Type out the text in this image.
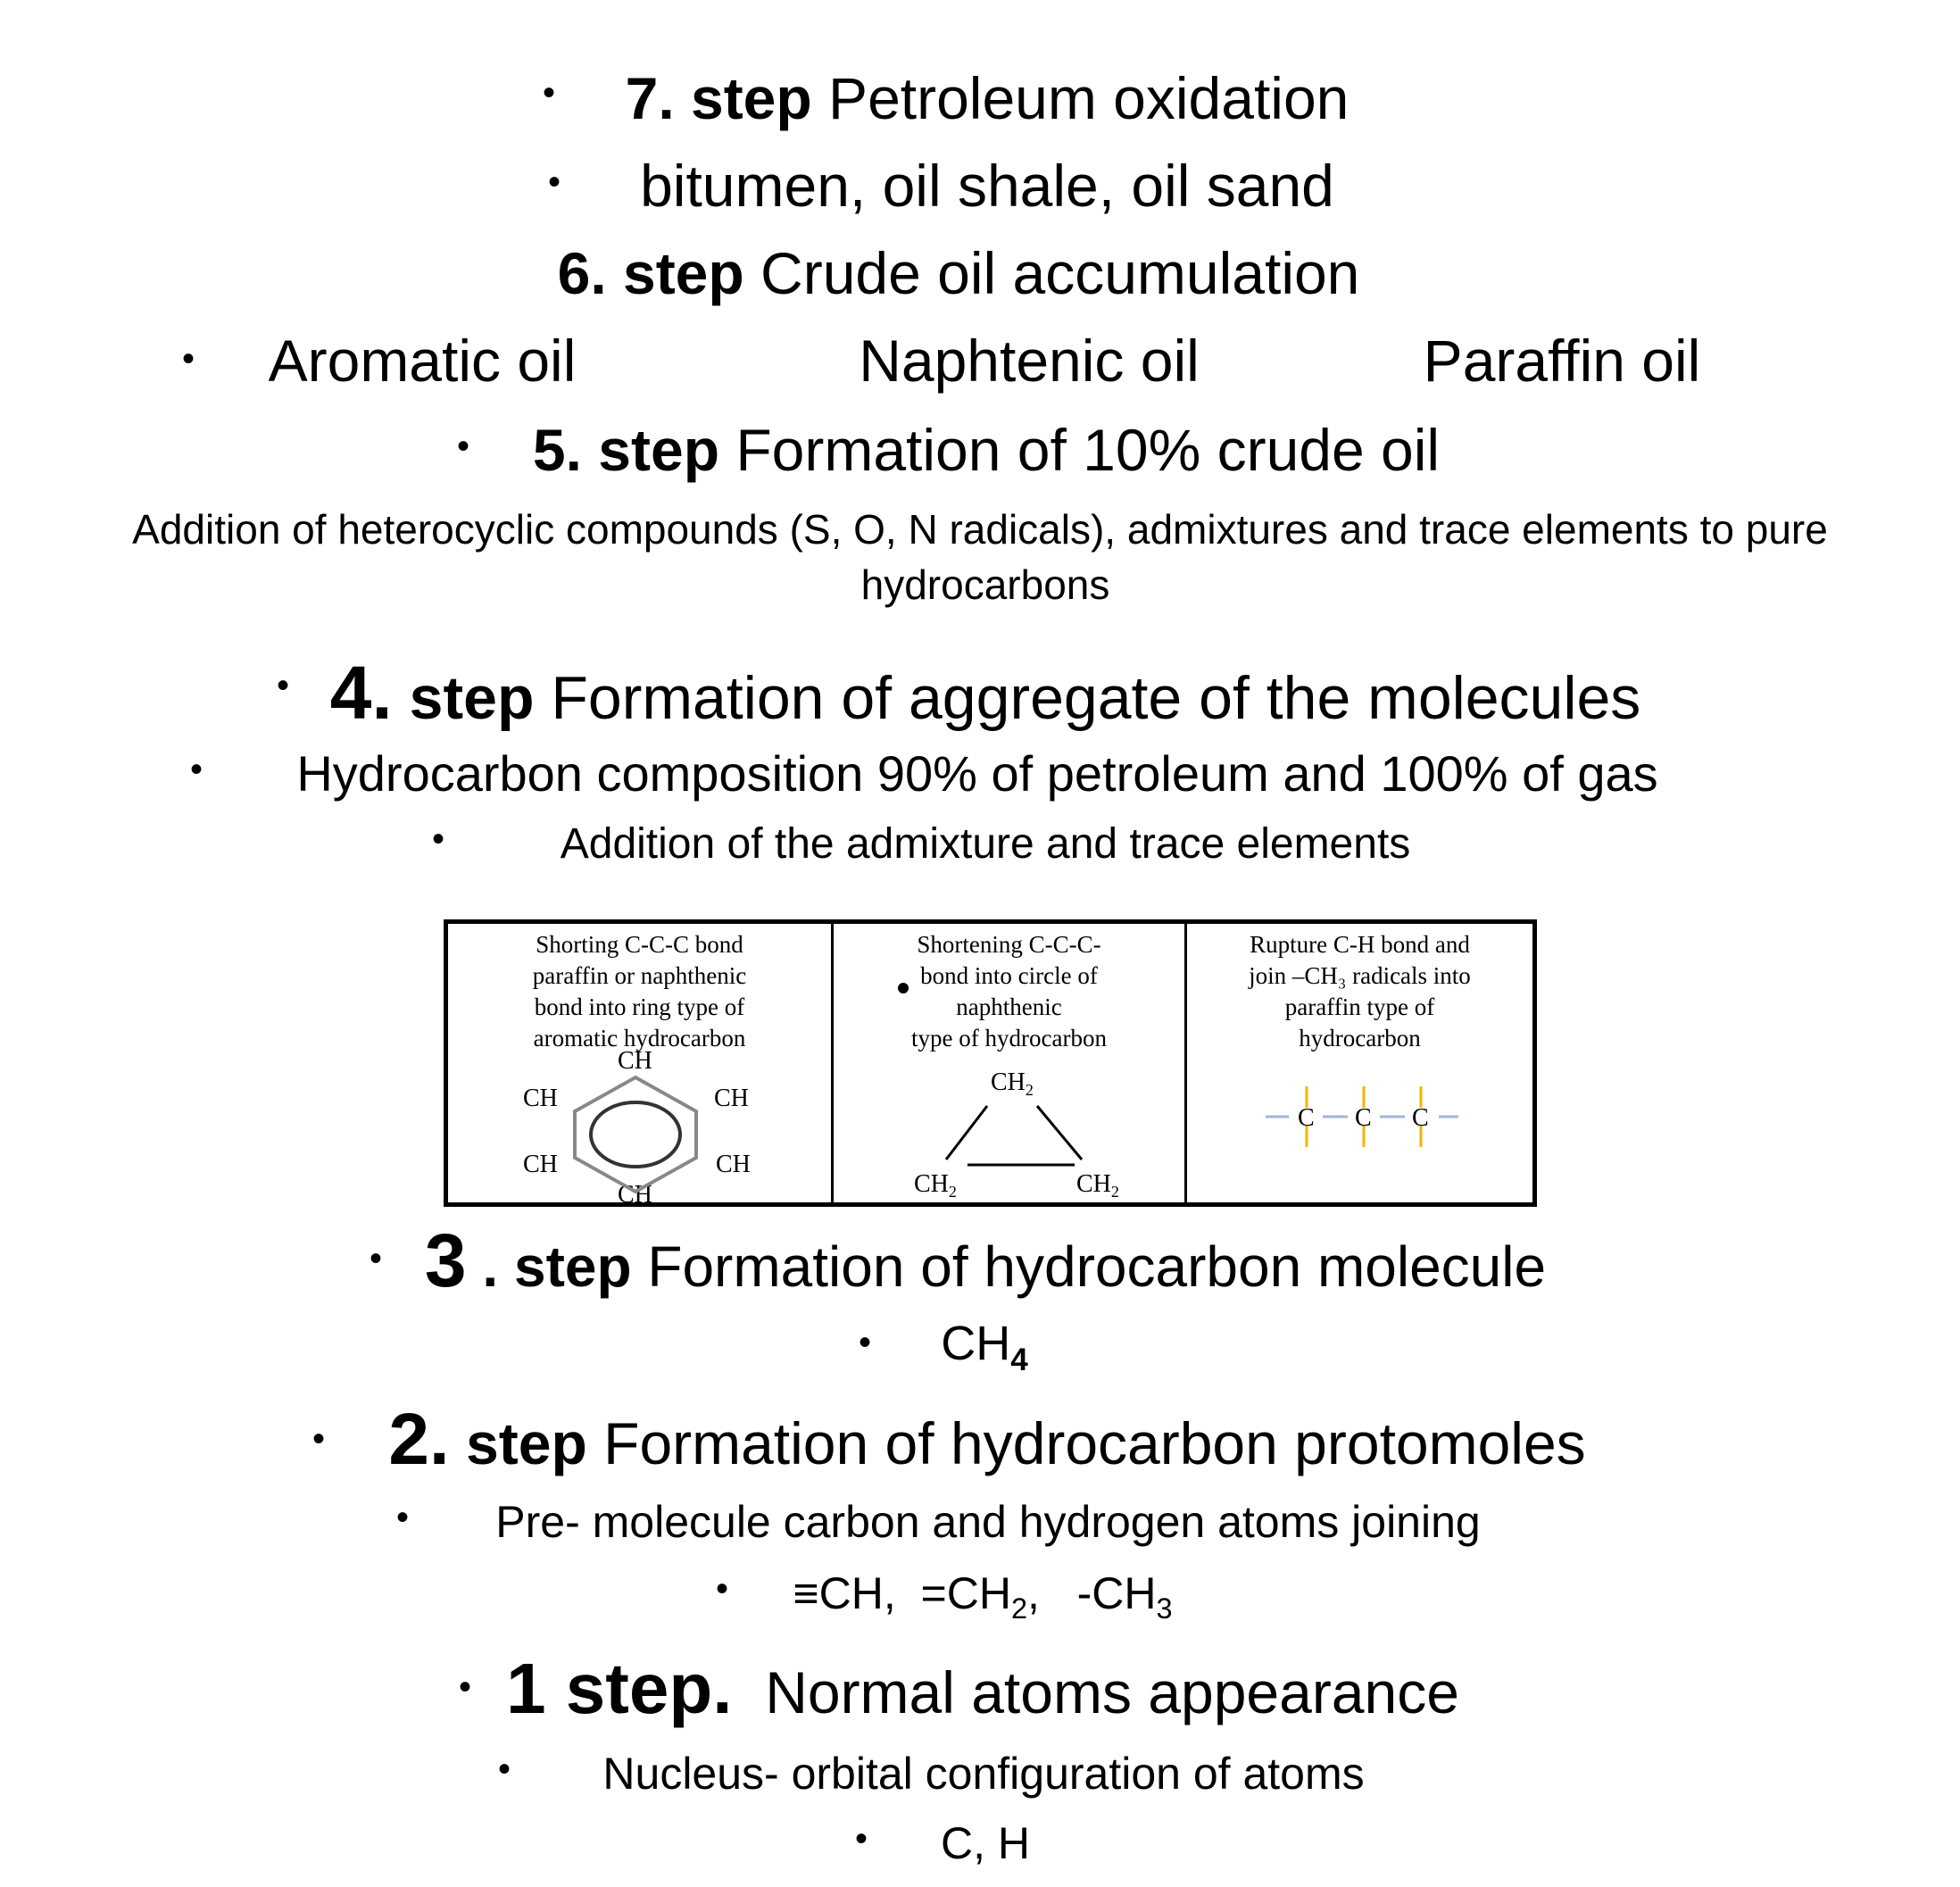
• 7. step Petroleum oxidation
• bitumen, oil shale, oil sand
6. step Crude oil accumulation
• Aromatic oil	Naphtenic oil	Paraffin oil
• 5. step Formation of 10% crude oil
Addition of heterocyclic compounds (S, O, N radicals), admixtures and trace elements to pure
hydrocarbons
• 4. step Formation of aggregate of the molecules
• Hydrocarbon composition 90% of petroleum and 100% of gas
•	Addition of the admixture and trace elements
Shorting C-C-C bond
paraffin or naphthenic
bond into ring type of
aromatic hydrocarbon
CH
CH	CH
CH	CH
CH
Shortening C-C-C-
bond into circle of
naphthenic
type of hydrocarbon
$CH_2$
$CH_2$	$CH_2$
Rupture C-H bond and
join –CH₃ radicals into
paraffin type of
hydrocarbon
C C C
• 3 . step Formation of hydrocarbon molecule
• $CH_4$
• 2. step Formation of hydrocarbon protomoles
• Pre- molecule carbon and hydrogen atoms joining
• ≡CH, $=CH_2$, $-CH_3$
• 1 step. Normal atoms appearance
• Nucleus- orbital configuration of atoms
• C, H
